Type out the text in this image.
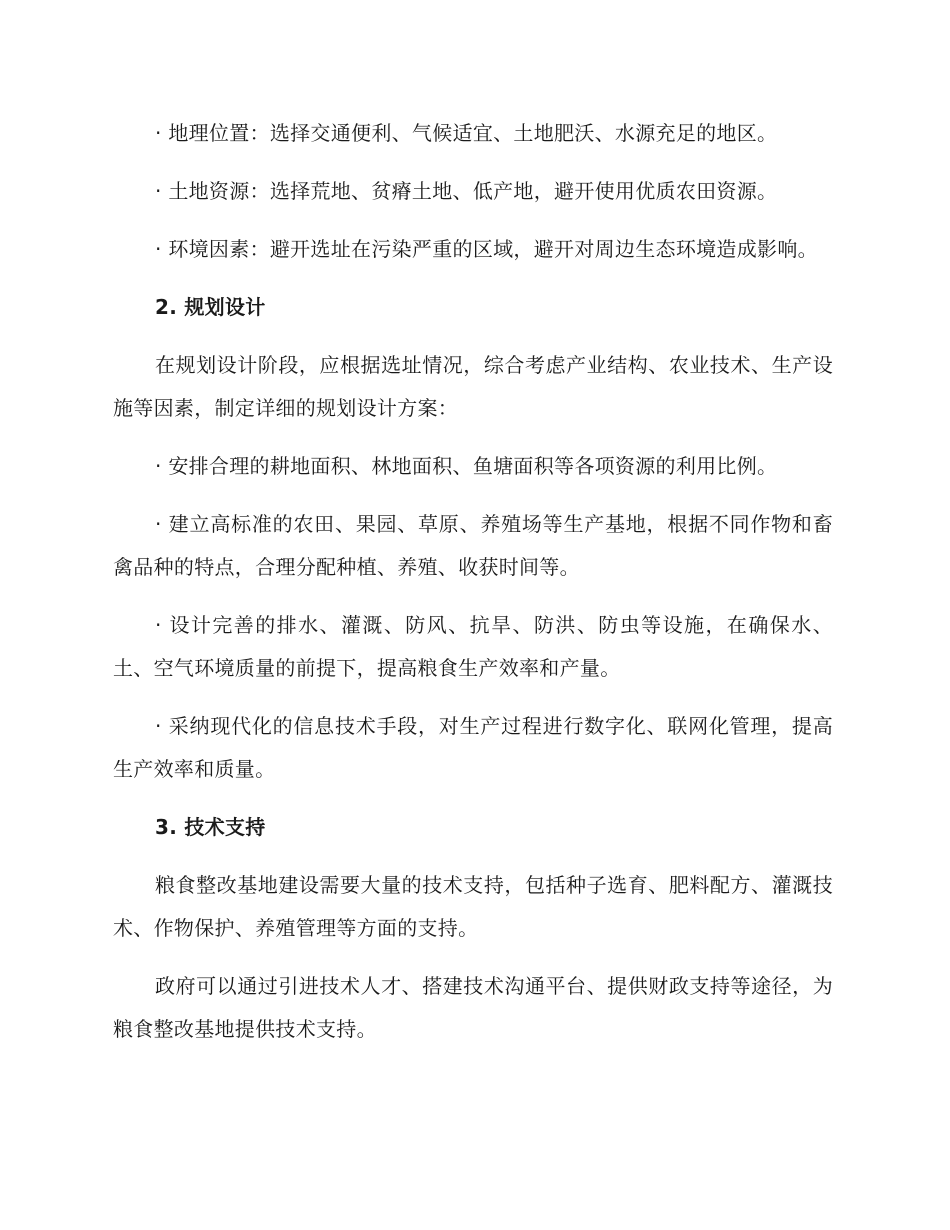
· 地理位置：选择交通便利、气候适宜、土地肥沃、水源充足的地区。

· 土地资源：选择荒地、贫瘠土地、低产地，避开使用优质农田资源。

· 环境因素：避开选址在污染严重的区域，避开对周边生态环境造成影响。

2. 规划设计

在规划设计阶段，应根据选址情况，综合考虑产业结构、农业技术、生产设施等因素，制定详细的规划设计方案：

· 安排合理的耕地面积、林地面积、鱼塘面积等各项资源的利用比例。

· 建立高标准的农田、果园、草原、养殖场等生产基地，根据不同作物和畜禽品种的特点，合理分配种植、养殖、收获时间等。

· 设计完善的排水、灌溉、防风、抗旱、防洪、防虫等设施，在确保水、土、空气环境质量的前提下，提高粮食生产效率和产量。

· 采纳现代化的信息技术手段，对生产过程进行数字化、联网化管理，提高生产效率和质量。

3. 技术支持

粮食整改基地建设需要大量的技术支持，包括种子选育、肥料配方、灌溉技术、作物保护、养殖管理等方面的支持。

政府可以通过引进技术人才、搭建技术沟通平台、提供财政支持等途径，为粮食整改基地提供技术支持。
